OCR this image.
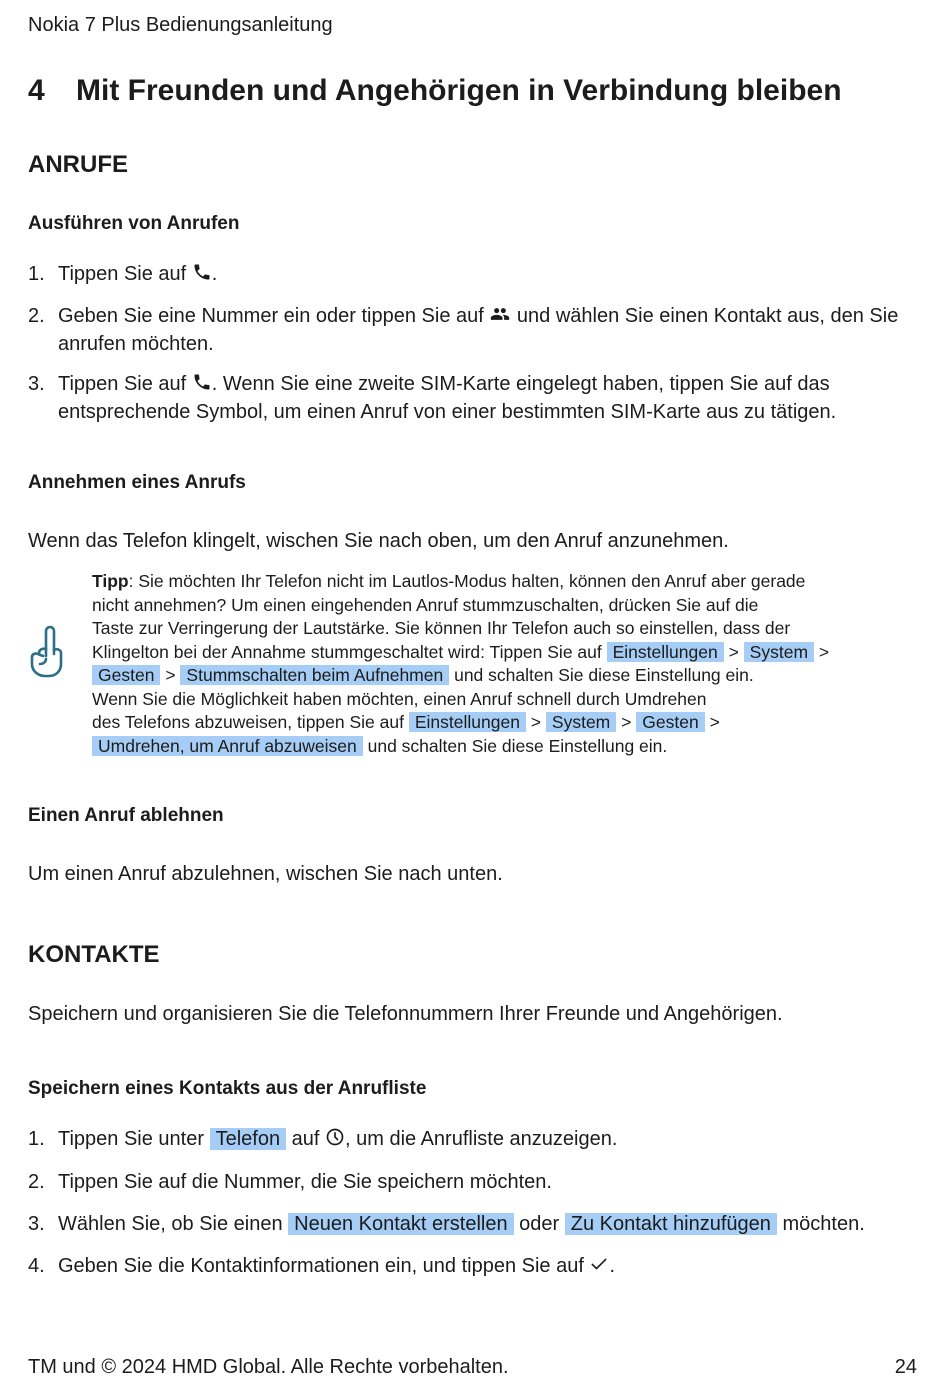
Nokia 7 Plus Bedienungsanleitung
4 Mit Freunden und Angehörigen in Verbindung bleiben
ANRUFE
Ausführen von Anrufen
1. Tippen Sie auf .
2. Geben Sie eine Nummer ein oder tippen Sie auf  und wählen Sie einen Kontakt aus, den Sie
anrufen möchten.
3. Tippen Sie auf . Wenn Sie eine zweite SIM-Karte eingelegt haben, tippen Sie auf das
entsprechende Symbol, um einen Anruf von einer bestimmten SIM-Karte aus zu tätigen.
Annehmen eines Anrufs
Wenn das Telefon klingelt, wischen Sie nach oben, um den Anruf anzunehmen.
Tipp: Sie möchten Ihr Telefon nicht im Lautlos-Modus halten, können den Anruf aber gerade
nicht annehmen? Um einen eingehenden Anruf stummzuschalten, drücken Sie auf die
Taste zur Verringerung der Lautstärke. Sie können Ihr Telefon auch so einstellen, dass der
Klingelton bei der Annahme stummgeschaltet wird: Tippen Sie auf Einstellungen > System >
Gesten > Stummschalten beim Aufnehmen und schalten Sie diese Einstellung ein.
Wenn Sie die Möglichkeit haben möchten, einen Anruf schnell durch Umdrehen
des Telefons abzuweisen, tippen Sie auf Einstellungen > System > Gesten >
Umdrehen, um Anruf abzuweisen und schalten Sie diese Einstellung ein.
Einen Anruf ablehnen
Um einen Anruf abzulehnen, wischen Sie nach unten.
KONTAKTE
Speichern und organisieren Sie die Telefonnummern Ihrer Freunde und Angehörigen.
Speichern eines Kontakts aus der Anrufliste
1. Tippen Sie unter Telefon auf , um die Anrufliste anzuzeigen.
2. Tippen Sie auf die Nummer, die Sie speichern möchten.
3. Wählen Sie, ob Sie einen Neuen Kontakt erstellen oder Zu Kontakt hinzufügen möchten.
4. Geben Sie die Kontaktinformationen ein, und tippen Sie auf .
TM und © 2024 HMD Global. Alle Rechte vorbehalten.	24
